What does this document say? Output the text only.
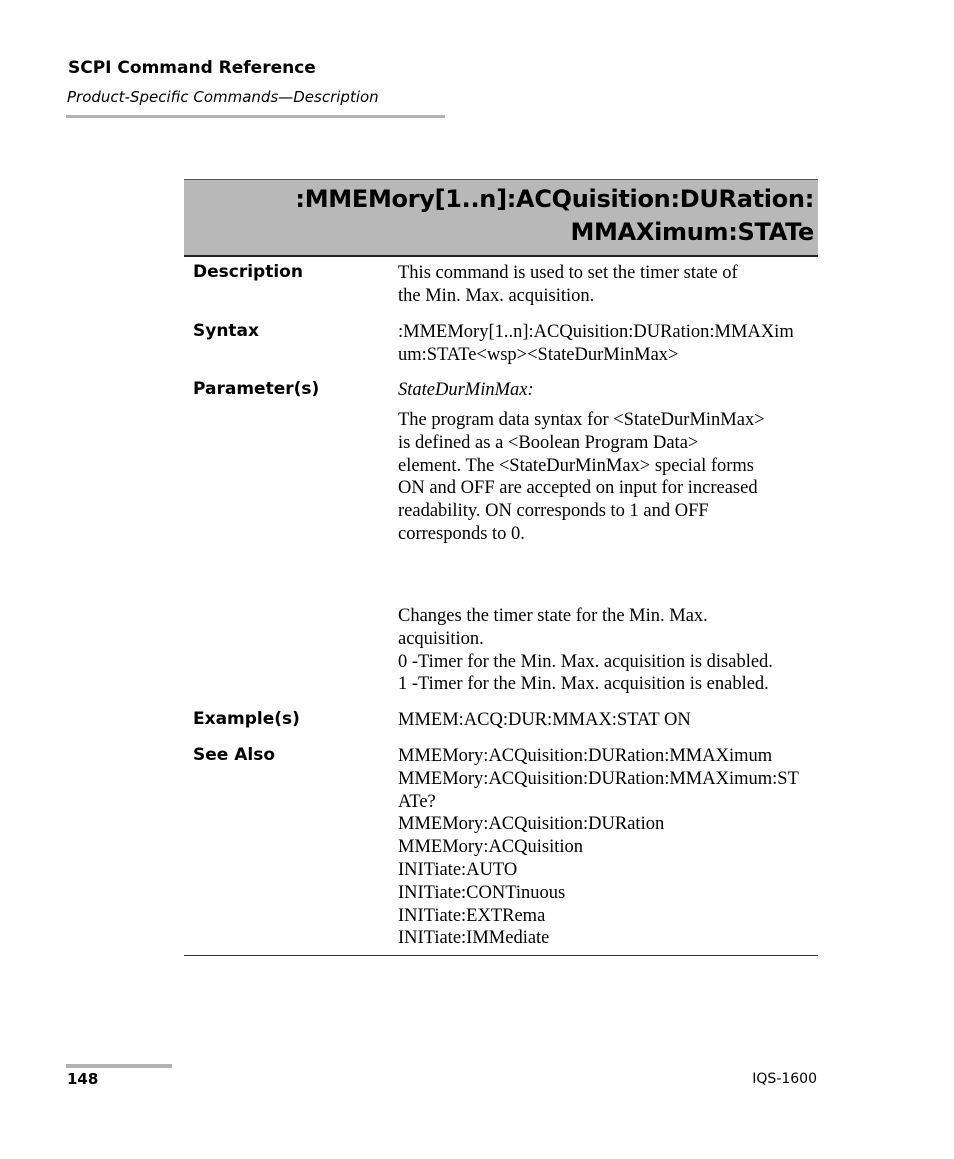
SCPI Command Reference
Product-Specific Commands—Description
:MMEMory[1..n]:ACQuisition:DURation:
MMAXimum:STATe
Description	This command is used to set the timer state of
the Min. Max. acquisition.
Syntax	:MMEMory[1..n]:ACQuisition:DURation:MMAXim
um:STATe<wsp><StateDurMinMax>
Parameter(s)	StateDurMinMax:
The program data syntax for <StateDurMinMax>
is defined as a <Boolean Program Data>
element. The <StateDurMinMax> special forms
ON and OFF are accepted on input for increased
readability. ON corresponds to 1 and OFF
corresponds to 0.
Changes the timer state for the Min. Max.
acquisition.
0 -Timer for the Min. Max. acquisition is disabled.
1 -Timer for the Min. Max. acquisition is enabled.
Example(s)	MMEM:ACQ:DUR:MMAX:STAT ON
See Also	MMEMory:ACQuisition:DURation:MMAXimum
MMEMory:ACQuisition:DURation:MMAXimum:ST
ATe?
MMEMory:ACQuisition:DURation
MMEMory:ACQuisition
INITiate:AUTO
INITiate:CONTinuous
INITiate:EXTRema
INITiate:IMMediate
148	IQS-1600
